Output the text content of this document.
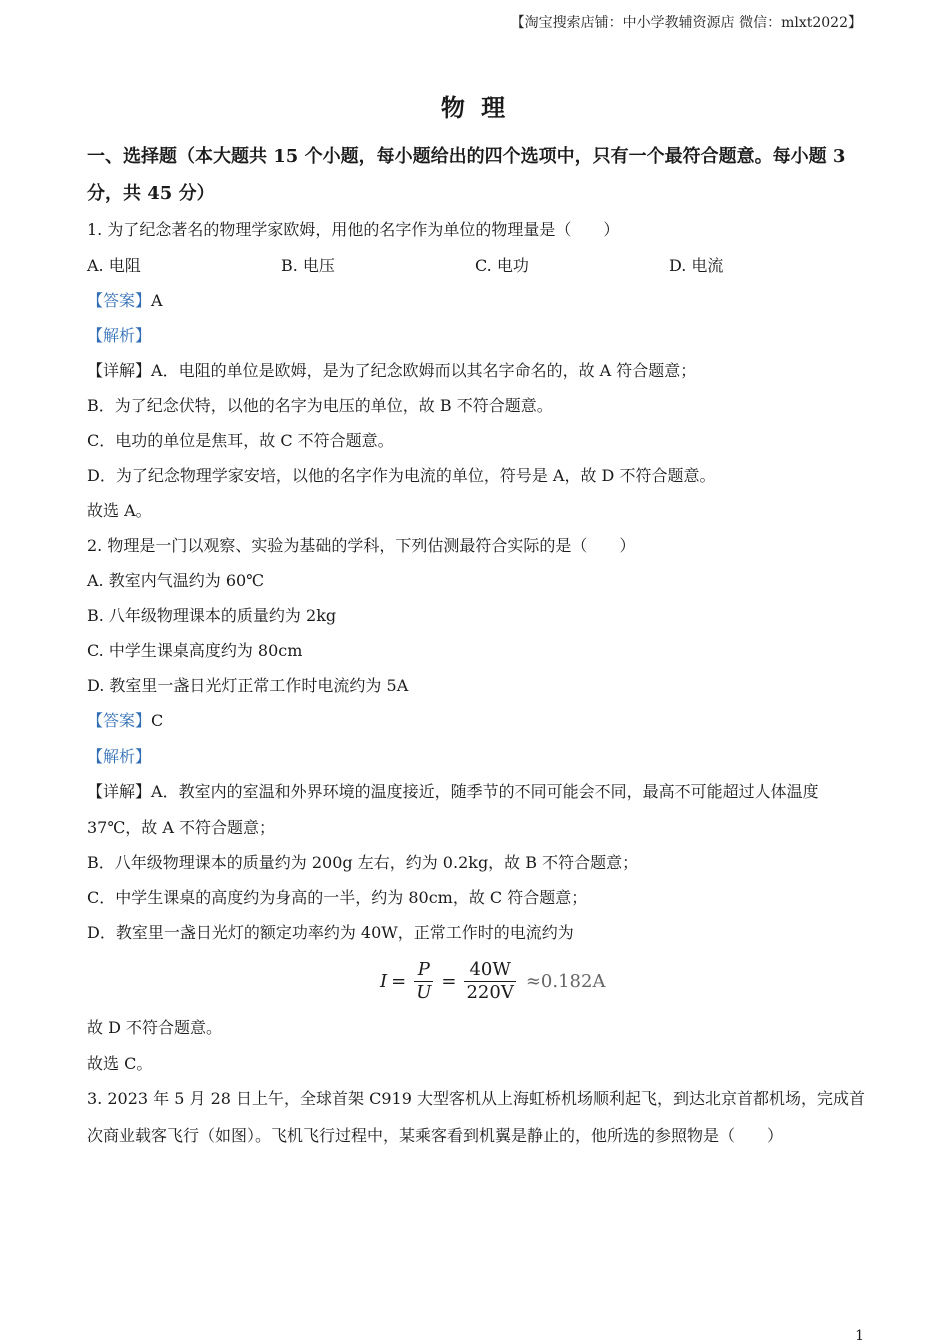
【淘宝搜索店铺：中小学教辅资源店 微信：mlxt2022】
物 理
一、选择题（本大题共 15 个小题，每小题给出的四个选项中，只有一个最符合题意。每小题 3 分，共 45 分）
1. 为了纪念著名的物理学家欧姆，用他的名字作为单位的物理量是（　　）
A. 电阻	B. 电压	C. 电功	D. 电流
【答案】A
【解析】
【详解】A．电阻的单位是欧姆，是为了纪念欧姆而以其名字命名的，故 A 符合题意；
B．为了纪念伏特，以他的名字为电压的单位，故 B 不符合题意。
C．电功的单位是焦耳，故 C 不符合题意。
D．为了纪念物理学家安培，以他的名字作为电流的单位，符号是 A，故 D 不符合题意。
故选 A。
2. 物理是一门以观察、实验为基础的学科，下列估测最符合实际的是（　　）
A. 教室内气温约为 60℃
B. 八年级物理课本的质量约为 2kg
C. 中学生课桌高度约为 80cm
D. 教室里一盏日光灯正常工作时电流约为 5A
【答案】C
【解析】
【详解】A．教室内的室温和外界环境的温度接近，随季节的不同可能会不同，最高不可能超过人体温度
37℃，故 A 不符合题意；
B．八年级物理课本的质量约为 200g 左右，约为 0.2kg，故 B 不符合题意；
C．中学生课桌的高度约为身高的一半，约为 80cm，故 C 符合题意；
D．教室里一盏日光灯的额定功率约为 40W，正常工作时的电流约为
$I = \frac{P}{U} = \frac{40W}{220V} \approx 0.182A$
故 D 不符合题意。
故选 C。
3. 2023 年 5 月 28 日上午，全球首架 C919 大型客机从上海虹桥机场顺利起飞，到达北京首都机场，完成首
次商业载客飞行（如图）。飞机飞行过程中，某乘客看到机翼是静止的，他所选的参照物是（　　）
1
